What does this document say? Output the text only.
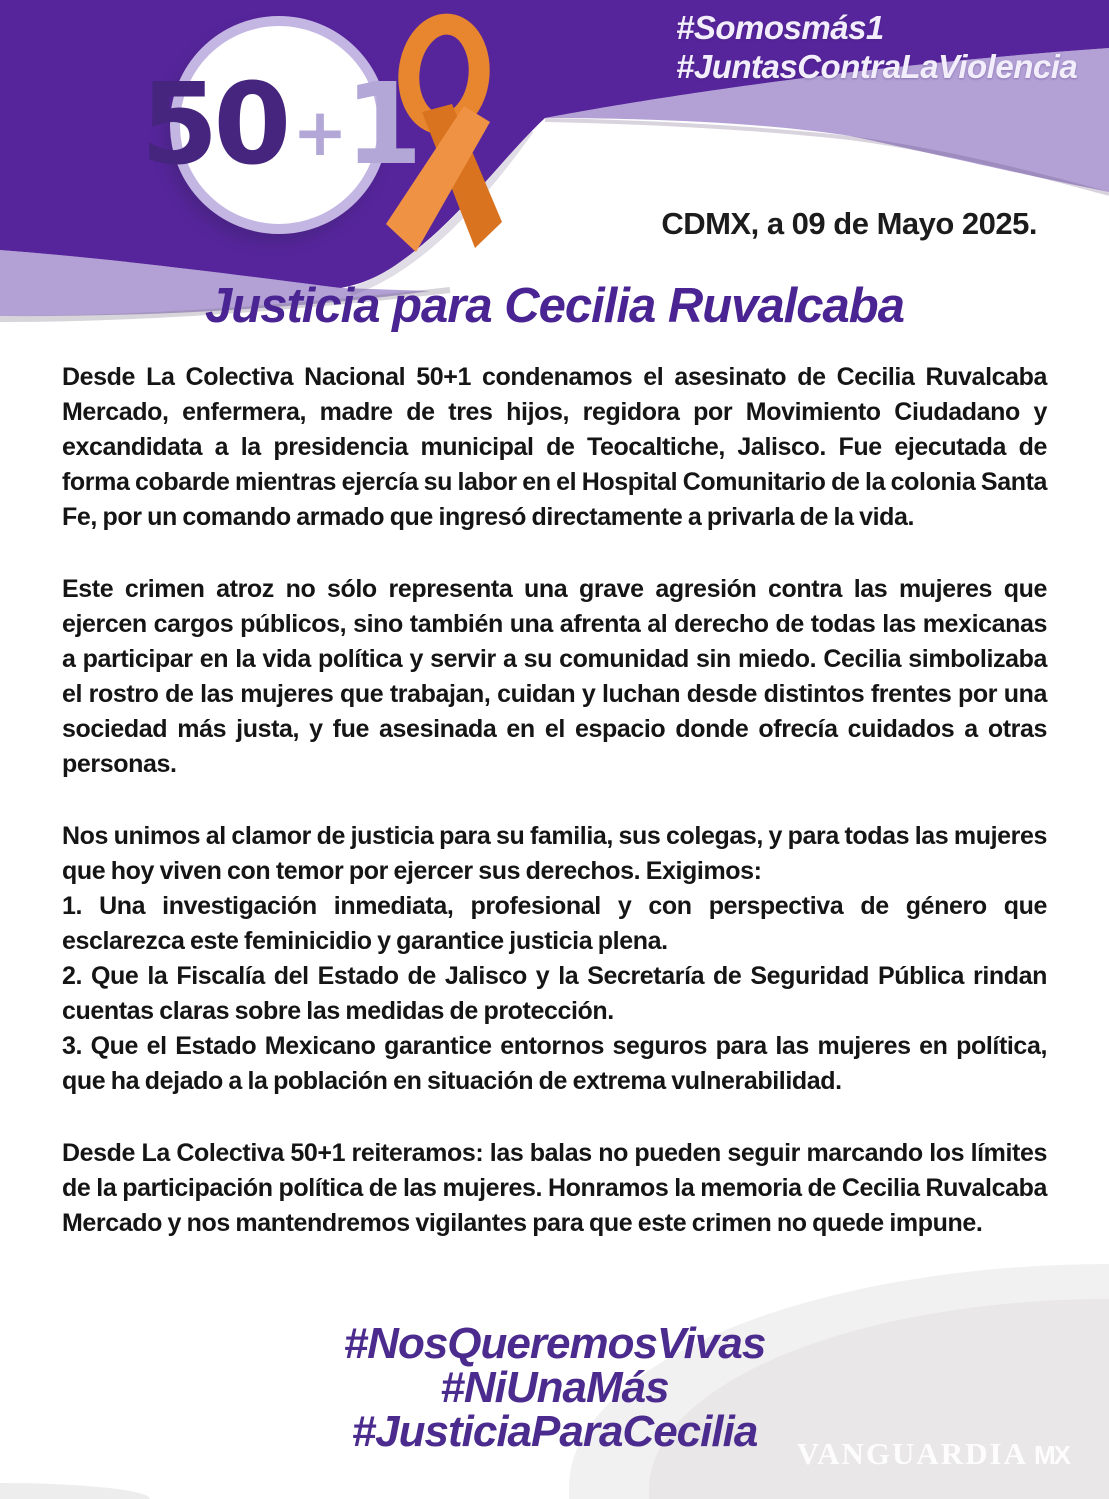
50+1
#Somosmás1
#JuntasContraLaViolencia
CDMX, a 09 de Mayo 2025.
Justicia para Cecilia Ruvalcaba

Desde La Colectiva Nacional 50+1 condenamos el asesinato de Cecilia Ruvalcaba Mercado, enfermera, madre de tres hijos, regidora por Movimiento Ciudadano y excandidata a la presidencia municipal de Teocaltiche, Jalisco. Fue ejecutada de forma cobarde mientras ejercía su labor en el Hospital Comunitario de la colonia Santa Fe, por un comando armado que ingresó directamente a privarla de la vida.

Este crimen atroz no sólo representa una grave agresión contra las mujeres que ejercen cargos públicos, sino también una afrenta al derecho de todas las mexicanas a participar en la vida política y servir a su comunidad sin miedo. Cecilia simbolizaba el rostro de las mujeres que trabajan, cuidan y luchan desde distintos frentes por una sociedad más justa, y fue asesinada en el espacio donde ofrecía cuidados a otras personas.

Nos unimos al clamor de justicia para su familia, sus colegas, y para todas las mujeres que hoy viven con temor por ejercer sus derechos. Exigimos:

1. Una investigación inmediata, profesional y con perspectiva de género que esclarezca este feminicidio y garantice justicia plena.

2. Que la Fiscalía del Estado de Jalisco y la Secretaría de Seguridad Pública rindan cuentas claras sobre las medidas de protección.

3. Que el Estado Mexicano garantice entornos seguros para las mujeres en política, que ha dejado a la población en situación de extrema vulnerabilidad.

Desde La Colectiva 50+1 reiteramos: las balas no pueden seguir marcando los límites de la participación política de las mujeres. Honramos la memoria de Cecilia Ruvalcaba Mercado y nos mantendremos vigilantes para que este crimen no quede impune.

#NosQueremosVivas
#NiUnaMás
#JusticiaParaCecilia	VANGUARDIA MX
